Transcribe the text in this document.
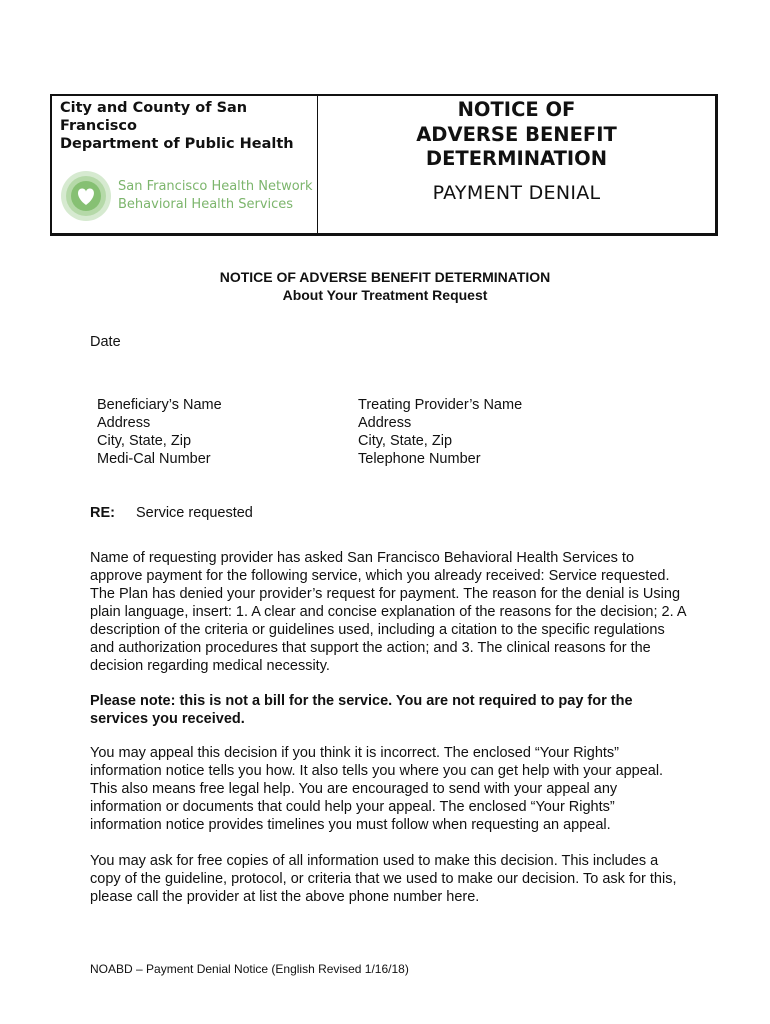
City and County of San
Francisco
Department of Public Health
San Francisco Health Network
Behavioral Health Services
NOTICE OF
ADVERSE BENEFIT
DETERMINATION
PAYMENT DENIAL
NOTICE OF ADVERSE BENEFIT DETERMINATION
About Your Treatment Request
Date
Beneficiary’s Name
Address
City, State, Zip
Medi-Cal Number
Treating Provider’s Name
Address
City, State, Zip
Telephone Number
RE: Service requested
Name of requesting provider has asked San Francisco Behavioral Health Services to approve payment for the following service, which you already received: Service requested. The Plan has denied your provider’s request for payment. The reason for the denial is Using plain language, insert: 1. A clear and concise explanation of the reasons for the decision; 2. A description of the criteria or guidelines used, including a citation to the specific regulations and authorization procedures that support the action; and 3. The clinical reasons for the decision regarding medical necessity.
Please note: this is not a bill for the service. You are not required to pay for the services you received.
You may appeal this decision if you think it is incorrect. The enclosed “Your Rights” information notice tells you how. It also tells you where you can get help with your appeal. This also means free legal help. You are encouraged to send with your appeal any information or documents that could help your appeal. The enclosed “Your Rights” information notice provides timelines you must follow when requesting an appeal.
You may ask for free copies of all information used to make this decision. This includes a copy of the guideline, protocol, or criteria that we used to make our decision. To ask for this, please call the provider at list the above phone number here.
NOABD – Payment Denial Notice (English Revised 1/16/18)
